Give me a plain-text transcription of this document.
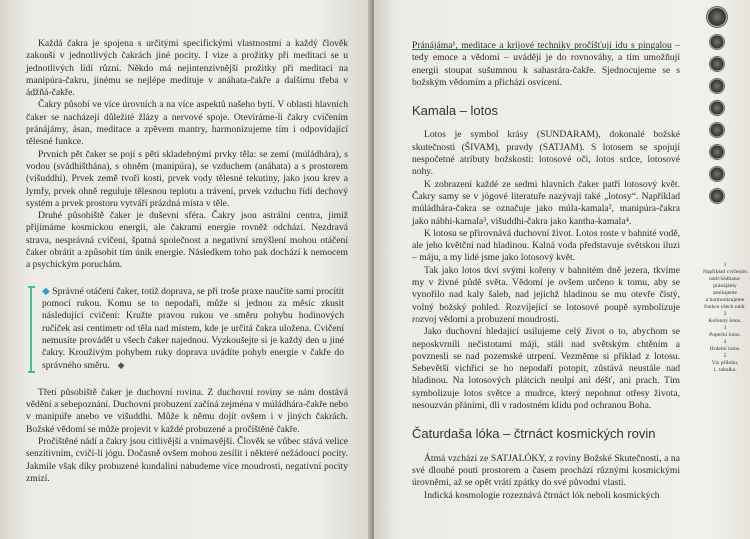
Každá čakra je spojena s určitými specifickými vlastnostmi a každý člověk zakouší v jednotlivých čakrách jiné pocity. I vize a prožitky při meditaci se u jednotlivých lidí různí. Někdo má nejintenzivnější prožitky při meditaci na manipúra-čakru, jinému se nejlépe medituje v anáhata-čakře a dalšímu třeba v ádžňá-čakře.

Čakry působí ve více úrovních a na více aspektů našeho bytí. V oblasti hlavních čaker se nacházejí důležité žlázy a nervové spoje. Otevíráme-li čakry cvičením pránájámy, ásan, meditace a zpěvem mantry, harmonizujeme tím i odpovídající tělesné funkce.

Prvních pět čaker se pojí s pěti skladebnými prvky těla: se zemí (múládhára), s vodou (svádhišthána), s ohněm (manipúra), se vzduchem (anáhata) a s prostorem (višuddhi). Prvek země tvoří kosti, prvek vody tělesné tekutiny, jako jsou krev a lymfy, prvek ohně reguluje tělesnou teplotu a trávení, prvek vzduchu řídí dechový systém a prvek prostoru vytváří prázdná místa v těle.

Druhé působiště čaker je duševní sféra. Čakry jsou astrální centra, jimiž přijímáme kosmickou energii, ale čakrami energie rovněž odchází. Nezdravá strava, nesprávná cvičení, špatná společnost a negativní smýšlení mohou otáčení čaker obrátit a způsobit tím únik energie. Následkem toho pak dochází k nemocem a psychickým poruchám.

◆ Správné otáčení čaker, totiž doprava, se při troše praxe naučíte sami procítit pomocí rukou. Komu se to nepodaří, může si jednou za měsíc zkusit následující cvičení: Kružte pravou rukou ve směru pohybu hodinových ručiček asi centimetr od těla nad místem, kde je určitá čakra uložena. Cvičení nemusíte provádět u všech čaker najednou. Vyzkoušejte si je každý den u jiné čakry. Krouživým pohybem ruky doprava uvádíte pohyb energie v čakře do správného směru. ◆

Třetí působiště čaker je duchovní rovina. Z duchovní roviny se nám dostává vědění a sebepoznání. Duchovní probuzení začíná zejména v múládhára-čakře nebo v manipúře anebo ve višuddhi. Může k němu dojít ovšem i v jiných čakrách. Božské vědomí se může projevit v každé probuzené a pročištěné čakře.

Pročištěné nádí a čakry jsou citlivější a vnímavější. Člověk se vůbec stává velice senzitivním, cvičí-li jógu. Dočasně ovšem mohou zesílit i některé nežádoucí pocity. Jakmile však díky probuzené kundalini nabudeme více moudrosti, negativní pocity zmizí.

Pránájáma¹, meditace a krijové techniky pročišťují idu s pingalou – tedy emoce a vědomí – uvádějí je do rovnováhy, a tím umožňují energii stoupat sušumnou k sahasrára-čakře. Sjednocujeme se s božským vědomím a přichází osvícení.

Kamala – lotos

Lotos je symbol krásy (SUNDARAM), dokonalé božské skutečnosti (ŠIVAM), pravdy (SATJAM). S lotosem se spojují nespočetné atributy božskosti: lotosové oči, lotos srdce, lotosové nohy.

K zobrazení každé ze sedmi hlavních čaker patří lotosový květ. Čakry samy se v jógové literatuře nazývají také „lotosy“. Například múládhára-čakra se označuje jako múla-kamala², manipúra-čakra jako nábhi-kamala³, višuddhi-čakra jako kantha-kamala⁴.

K lotosu se přirovnává duchovní život. Lotos roste v bahnité vodě, ale jeho květční nad hladinou. Kalná voda představuje světskou iluzi – máju, a my lidé jsme jako lotosový květ.

Tak jako lotos tkví svými kořeny v bahnitém dně jezera, tkvíme my v živné půdě světa. Vědomí je ovšem určeno k tomu, aby se vynořilo nad kaly šaleb, nad jejichž hladinou se mu otevře čistý, volný božský pohled. Rozvíjející se lotosové poupě symbolizuje rozvoj vědomí a probuzení moudrosti.

Jako duchovní hledající usilujeme celý život o to, abychom se neposkvrnili nečistotami máji, stáli nad světským chtěním a povznesli se nad pozemské utrpení. Vezměme si příklad z lotosu. Sebevětší vichřici se ho nepodaří potopit, zůstává neustále nad hladinou. Na lotosových plátcích neulpí ani déšť, ani prach. Tím symbolizuje lotos světce a mudrce, který nepohnut otřesy života, nesouzván přáními, dlí v radostném klidu pod ochranou Boha.

Čaturdaša lóka – čtrnáct kosmických rovin

Átmá vzchází ze SATJALÓKY, z roviny Božské Skutečnosti, a na své dlouhé pouti prostorem a časem prochází různými kosmickými úrovněmi, až se opět vrátí zpátky do své původní vlasti.

Indická kosmologie rozeznává čtrnáct lók neboli kosmických

1
Napříkład cvičením nádí-šódhana-pránájámy
zesilujeme
a harmonizujeme
funkce všech nádí.
2
Kořenný lotos.
3
Pupeční lotos.
4
Hrdelní lotos.
5
Viz přílohu,
1. tabulka.
